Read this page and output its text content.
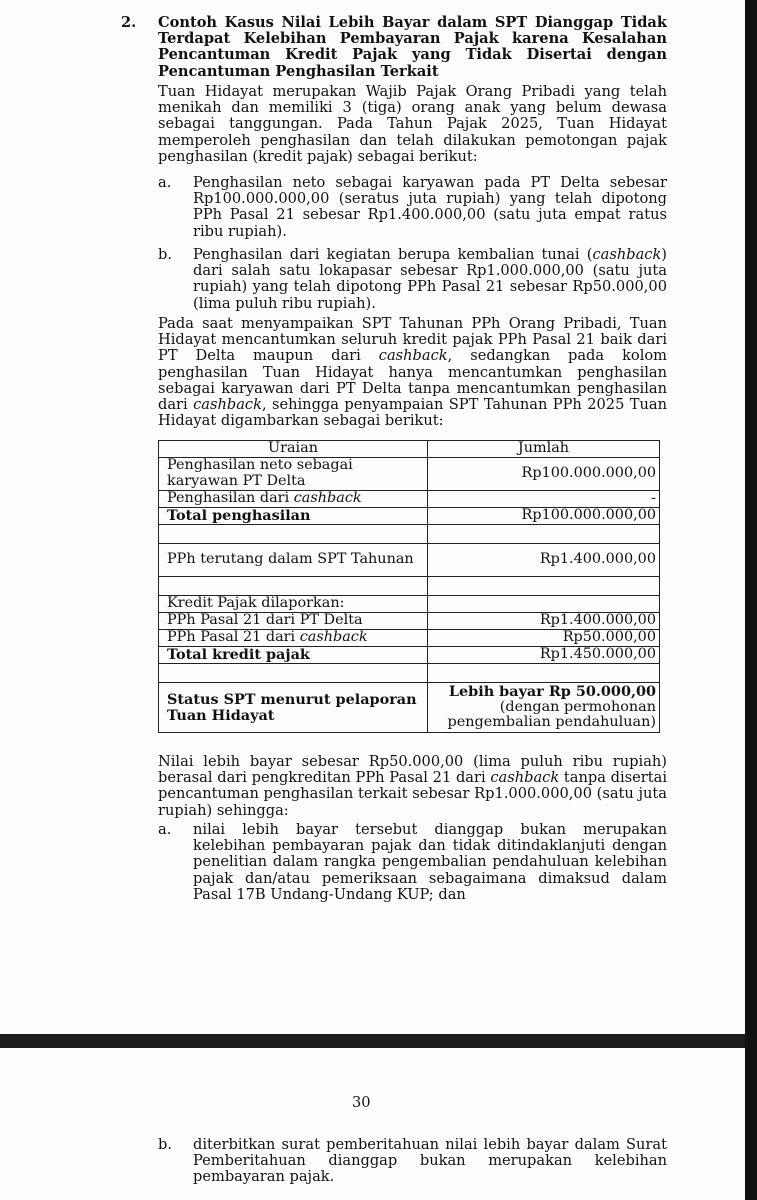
2. Contoh Kasus Nilai Lebih Bayar dalam SPT Dianggap Tidak Terdapat Kelebihan Pembayaran Pajak karena Kesalahan Pencantuman Kredit Pajak yang Tidak Disertai dengan Pencantuman Penghasilan Terkait
Tuan Hidayat merupakan Wajib Pajak Orang Pribadi yang telah menikah dan memiliki 3 (tiga) orang anak yang belum dewasa sebagai tanggungan. Pada Tahun Pajak 2025, Tuan Hidayat memperoleh penghasilan dan telah dilakukan pemotongan pajak penghasilan (kredit pajak) sebagai berikut:
a. Penghasilan neto sebagai karyawan pada PT Delta sebesar Rp100.000.000,00 (seratus juta rupiah) yang telah dipotong PPh Pasal 21 sebesar Rp1.400.000,00 (satu juta empat ratus ribu rupiah).
b. Penghasilan dari kegiatan berupa kembalian tunai (cashback) dari salah satu lokapasar sebesar Rp1.000.000,00 (satu juta rupiah) yang telah dipotong PPh Pasal 21 sebesar Rp50.000,00 (lima puluh ribu rupiah).
Pada saat menyampaikan SPT Tahunan PPh Orang Pribadi, Tuan Hidayat mencantumkan seluruh kredit pajak PPh Pasal 21 baik dari PT Delta maupun dari cashback, sedangkan pada kolom penghasilan Tuan Hidayat hanya mencantumkan penghasilan sebagai karyawan dari PT Delta tanpa mencantumkan penghasilan dari cashback, sehingga penyampaian SPT Tahunan PPh 2025 Tuan Hidayat digambarkan sebagai berikut:
Uraian	Jumlah
Penghasilan neto sebagai karyawan PT Delta	Rp100.000.000,00
Penghasilan dari cashback	-
Total penghasilan	Rp100.000.000,00

PPh terutang dalam SPT Tahunan	Rp1.400.000,00

Kredit Pajak dilaporkan:	
PPh Pasal 21 dari PT Delta	Rp1.400.000,00
PPh Pasal 21 dari cashback	Rp50.000,00
Total kredit pajak	Rp1.450.000,00

Status SPT menurut pelaporan Tuan Hidayat	Lebih bayar Rp 50.000,00
(dengan permohonan pengembalian pendahuluan)
Nilai lebih bayar sebesar Rp50.000,00 (lima puluh ribu rupiah) berasal dari pengkreditan PPh Pasal 21 dari cashback tanpa disertai pencantuman penghasilan terkait sebesar Rp1.000.000,00 (satu juta rupiah) sehingga:
a. nilai lebih bayar tersebut dianggap bukan merupakan kelebihan pembayaran pajak dan tidak ditindaklanjuti dengan penelitian dalam rangka pengembalian pendahuluan kelebihan pajak dan/atau pemeriksaan sebagaimana dimaksud dalam Pasal 17B Undang-Undang KUP; dan
30
b. diterbitkan surat pemberitahuan nilai lebih bayar dalam Surat Pemberitahuan dianggap bukan merupakan kelebihan pembayaran pajak.
